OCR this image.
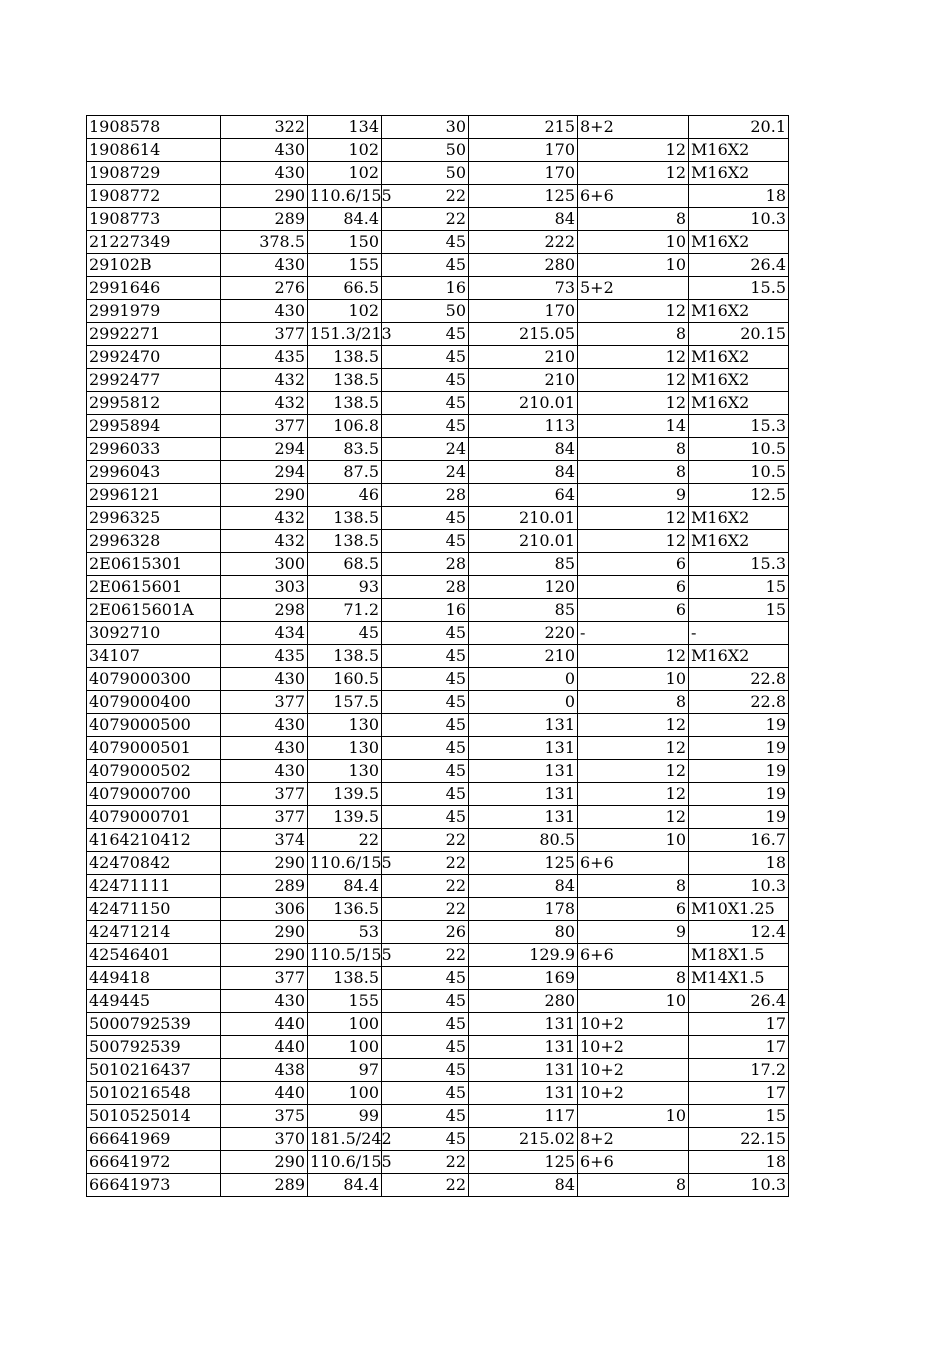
1908578	322	134	30	215	8+2	20.1
1908614	430	102	50	170	12	M16X2
1908729	430	102	50	170	12	M16X2
1908772	290	110.6/155	22	125	6+6	18
1908773	289	84.4	22	84	8	10.3
21227349	378.5	150	45	222	10	M16X2
29102B	430	155	45	280	10	26.4
2991646	276	66.5	16	73	5+2	15.5
2991979	430	102	50	170	12	M16X2
2992271	377	151.3/213	45	215.05	8	20.15
2992470	435	138.5	45	210	12	M16X2
2992477	432	138.5	45	210	12	M16X2
2995812	432	138.5	45	210.01	12	M16X2
2995894	377	106.8	45	113	14	15.3
2996033	294	83.5	24	84	8	10.5
2996043	294	87.5	24	84	8	10.5
2996121	290	46	28	64	9	12.5
2996325	432	138.5	45	210.01	12	M16X2
2996328	432	138.5	45	210.01	12	M16X2
2E0615301	300	68.5	28	85	6	15.3
2E0615601	303	93	28	120	6	15
2E0615601A	298	71.2	16	85	6	15
3092710	434	45	45	220	-	-
34107	435	138.5	45	210	12	M16X2
4079000300	430	160.5	45	0	10	22.8
4079000400	377	157.5	45	0	8	22.8
4079000500	430	130	45	131	12	19
4079000501	430	130	45	131	12	19
4079000502	430	130	45	131	12	19
4079000700	377	139.5	45	131	12	19
4079000701	377	139.5	45	131	12	19
4164210412	374	22	22	80.5	10	16.7
42470842	290	110.6/155	22	125	6+6	18
42471111	289	84.4	22	84	8	10.3
42471150	306	136.5	22	178	6	M10X1.25
42471214	290	53	26	80	9	12.4
42546401	290	110.5/155	22	129.9	6+6	M18X1.5
449418	377	138.5	45	169	8	M14X1.5
449445	430	155	45	280	10	26.4
5000792539	440	100	45	131	10+2	17
500792539	440	100	45	131	10+2	17
5010216437	438	97	45	131	10+2	17.2
5010216548	440	100	45	131	10+2	17
5010525014	375	99	45	117	10	15
66641969	370	181.5/242	45	215.02	8+2	22.15
66641972	290	110.6/155	22	125	6+6	18
66641973	289	84.4	22	84	8	10.3
